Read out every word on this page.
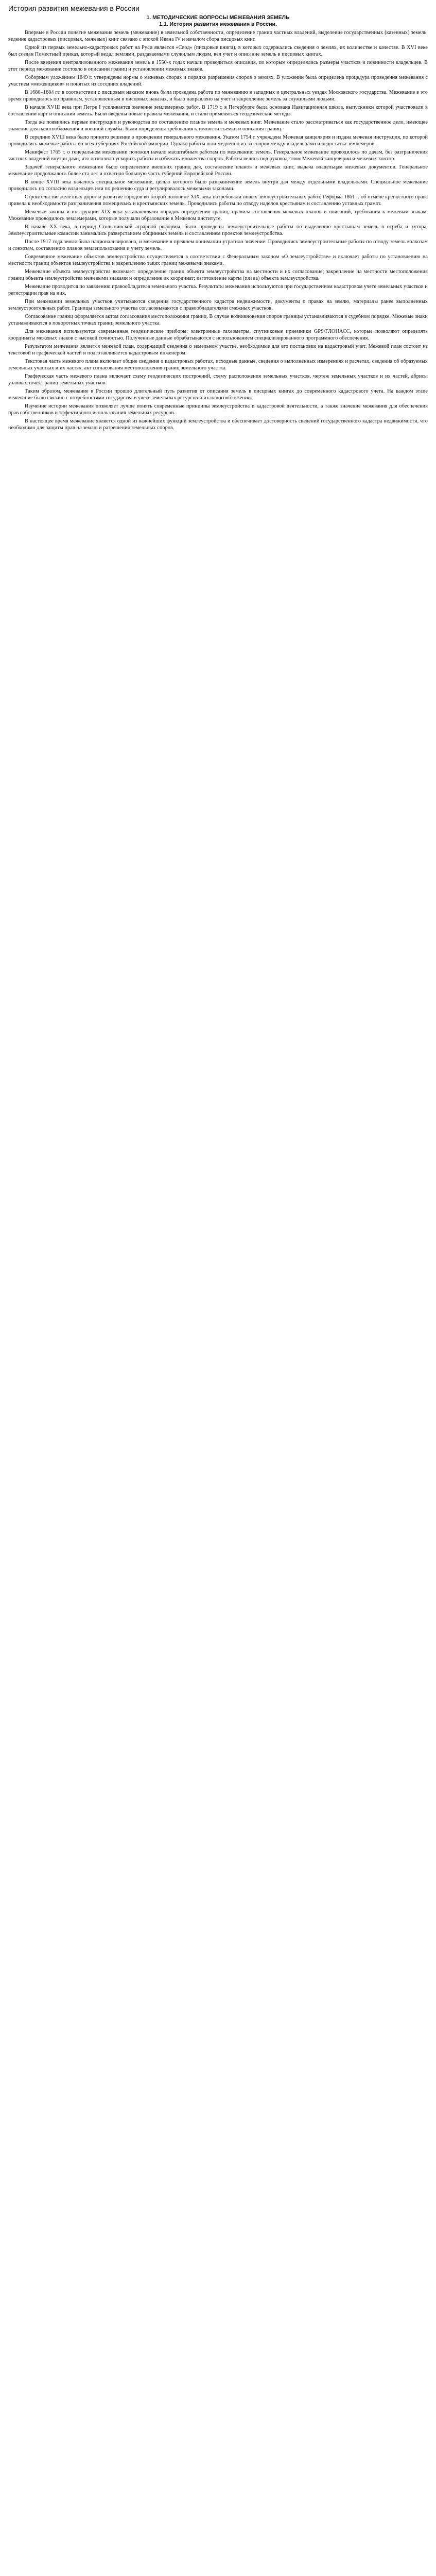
История развития межевания в России
1. МЕТОДИЧЕСКИЕ ВОПРОСЫ МЕЖЕВАНИЯ ЗЕМЕЛЬ
1.1. История развития межевания в России.

Впервые в России понятие межевания земель (межевание) в земельной собственности, определение границ частных владений, выделение государственных (казенных) земель, ведение кадастровых (писцовых, межевых) книг связано с эпохой Ивана IV и началом сбора писцовых книг.

Одной из первых земельно-кадастровых работ на Руси является «Свод» (писцовые книги), в которых содержались сведения о землях, их количестве и качестве. В XVI веке был создан Поместный приказ, который ведал землями, раздаваемыми служилым людям, вел учет и описание земель в писцовых книгах.

После введения централизованного межевания земель в 1550-х годах начали проводиться описания, по которым определялись размеры участков и повинности владельцев. В этот период межевание состояло в описании границ и установлении межевых знаков.

Соборным уложением 1649 г. утверждены нормы о межевых спорах и порядке разрешения споров о землях. В уложении была определена процедура проведения межевания с участием «межевщиков» и понятых из соседних владений.

В 1680–1684 гг. в соответствии с писцовым наказом вновь была проведена работа по межеванию в западных и центральных уездах Московского государства. Межевание в это время проводилось по правилам, установленным в писцовых наказах, и было направлено на учет и закрепление земель за служилыми людьми.

В начале XVIII века при Петре I усиливается значение землемерных работ. В 1719 г. в Петербурге была основана Навигационная школа, выпускники которой участвовали в составлении карт и описании земель. Были введены новые правила межевания, и стали применяться геодезические методы.

Тогда же появились первые инструкции и руководства по составлению планов земель и межевых книг. Межевание стало рассматриваться как государственное дело, имеющее значение для налогообложения и военной службы. Были определены требования к точности съемки и описания границ.

В середине XVIII века было принято решение о проведении генерального межевания. Указом 1754 г. учреждена Межевая канцелярия и издана межевая инструкция, по которой проводились межевые работы во всех губерниях Российской империи. Однако работы шли медленно из-за споров между владельцами и недостатка землемеров.

Манифест 1765 г. о генеральном межевании положил начало масштабным работам по межеванию земель. Генеральное межевание проводилось по дачам, без разграничения частных владений внутри дачи, что позволило ускорить работы и избежать множества споров. Работы велись под руководством Межевой канцелярии и межевых контор.

Задачей генерального межевания было определение внешних границ дач, составление планов и межевых книг, выдача владельцам межевых документов. Генеральное межевание продолжалось более ста лет и охватило большую часть губерний Европейской России.

В конце XVIII века началось специальное межевание, целью которого было разграничение земель внутри дач между отдельными владельцами. Специальное межевание проводилось по согласию владельцев или по решению суда и регулировалось межевыми законами.

Строительство железных дорог и развитие городов во второй половине XIX века потребовали новых землеустроительных работ. Реформа 1861 г. об отмене крепостного права привела к необходимости разграничения помещичьих и крестьянских земель. Проводились работы по отводу наделов крестьянам и составлению уставных грамот.

Межевые законы и инструкции XIX века устанавливали порядок определения границ, правила составления межевых планов и описаний, требования к межевым знакам. Межевание проводилось землемерами, которые получали образование в Межевом институте.

В начале XX века, в период Столыпинской аграрной реформы, были проведены землеустроительные работы по выделению крестьянам земель в отруба и хутора. Землеустроительные комиссии занимались разверстанием общинных земель и составлением проектов землеустройства.

После 1917 года земля была национализирована, и межевание в прежнем понимании утратило значение. Проводились землеустроительные работы по отводу земель колхозам и совхозам, составлению планов землепользования и учету земель.

Современное межевание объектов землеустройства осуществляется в соответствии с Федеральным законом «О землеустройстве» и включает работы по установлению на местности границ объектов землеустройства и закреплению таких границ межевыми знаками.

Межевание объекта землеустройства включает: определение границ объекта землеустройства на местности и их согласование; закрепление на местности местоположения границ объекта землеустройства межевыми знаками и определение их координат; изготовление карты (плана) объекта землеустройства.

Межевание проводится по заявлению правообладателя земельного участка. Результаты межевания используются при государственном кадастровом учете земельных участков и регистрации прав на них.

При межевании земельных участков учитываются сведения государственного кадастра недвижимости, документы о правах на землю, материалы ранее выполненных землеустроительных работ. Границы земельного участка согласовываются с правообладателями смежных участков.

Согласование границ оформляется актом согласования местоположения границ. В случае возникновения споров границы устанавливаются в судебном порядке. Межевые знаки устанавливаются в поворотных точках границ земельного участка.

Для межевания используются современные геодезические приборы: электронные тахеометры, спутниковые приемники GPS/ГЛОНАСС, которые позволяют определять координаты межевых знаков с высокой точностью. Полученные данные обрабатываются с использованием специализированного программного обеспечения.

Результатом межевания является межевой план, содержащий сведения о земельном участке, необходимые для его постановки на кадастровый учет. Межевой план состоит из текстовой и графической частей и подготавливается кадастровым инженером.

Текстовая часть межевого плана включает общие сведения о кадастровых работах, исходные данные, сведения о выполненных измерениях и расчетах, сведения об образуемых земельных участках и их частях, акт согласования местоположения границ земельного участка.

Графическая часть межевого плана включает схему геодезических построений, схему расположения земельных участков, чертеж земельных участков и их частей, абрисы узловых точек границ земельных участков.

Таким образом, межевание в России прошло длительный путь развития от описания земель в писцовых книгах до современного кадастрового учета. На каждом этапе межевание было связано с потребностями государства в учете земельных ресурсов и их налогообложении.

Изучение истории межевания позволяет лучше понять современные принципы землеустройства и кадастровой деятельности, а также значение межевания для обеспечения прав собственников и эффективного использования земельных ресурсов.

В настоящее время межевание является одной из важнейших функций землеустройства и обеспечивает достоверность сведений государственного кадастра недвижимости, что необходимо для защиты прав на землю и разрешения земельных споров.
